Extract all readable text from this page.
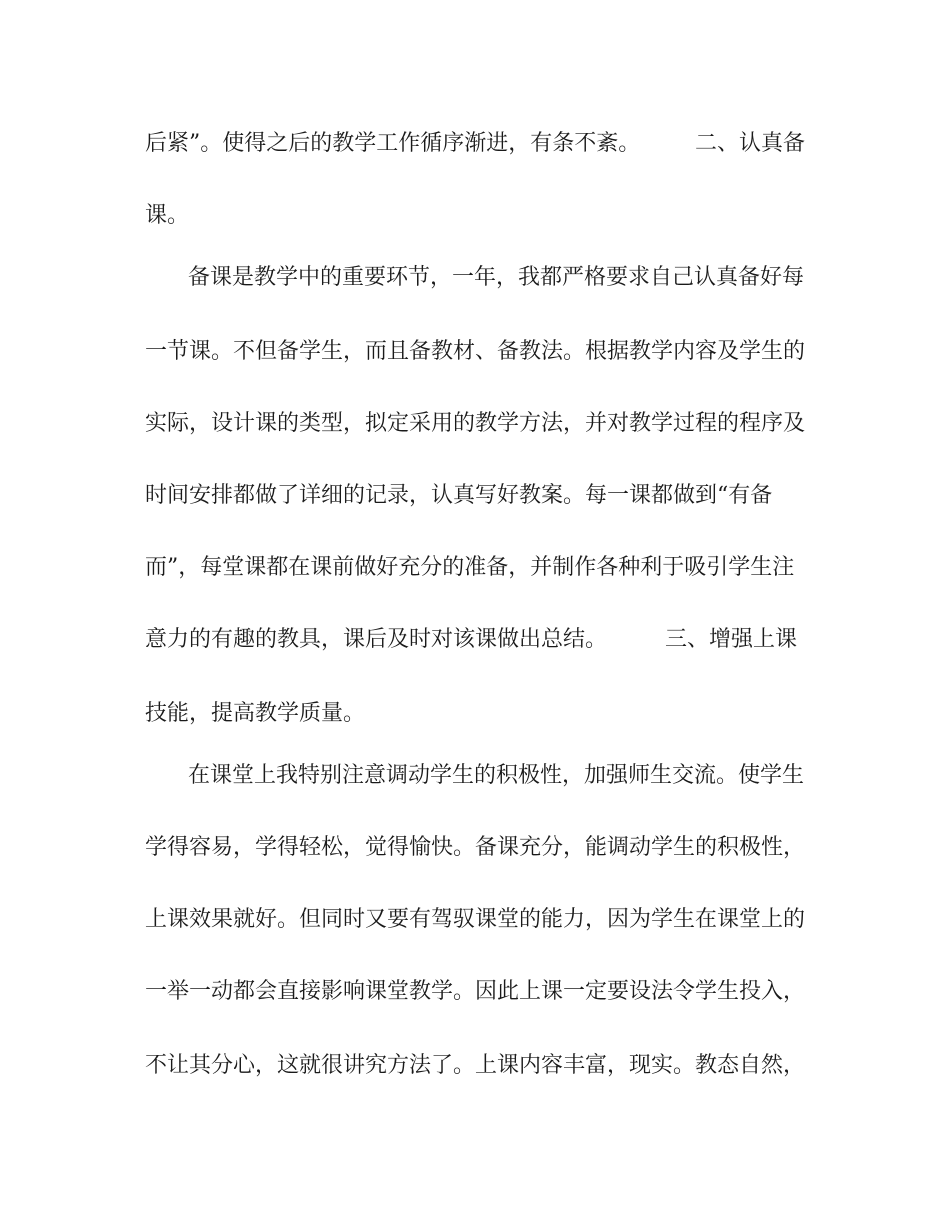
后紧”。使得之后的教学工作循序渐进，有条不紊。 二、认真备
课。
备课是教学中的重要环节，一年，我都严格要求自己认真备好每
一节课。不但备学生，而且备教材、备教法。根据教学内容及学生的
实际，设计课的类型，拟定采用的教学方法，并对教学过程的程序及
时间安排都做了详细的记录，认真写好教案。每一课都做到“有备
而”，每堂课都在课前做好充分的准备，并制作各种利于吸引学生注
意力的有趣的教具，课后及时对该课做出总结。	三、增强上课
技能，提高教学质量。
在课堂上我特别注意调动学生的积极性，加强师生交流。使学生
学得容易，学得轻松，觉得愉快。备课充分，能调动学生的积极性，
上课效果就好。但同时又要有驾驭课堂的能力，因为学生在课堂上的
一举一动都会直接影响课堂教学。因此上课一定要设法令学生投入，
不让其分心，这就很讲究方法了。上课内容丰富，现实。教态自然，
